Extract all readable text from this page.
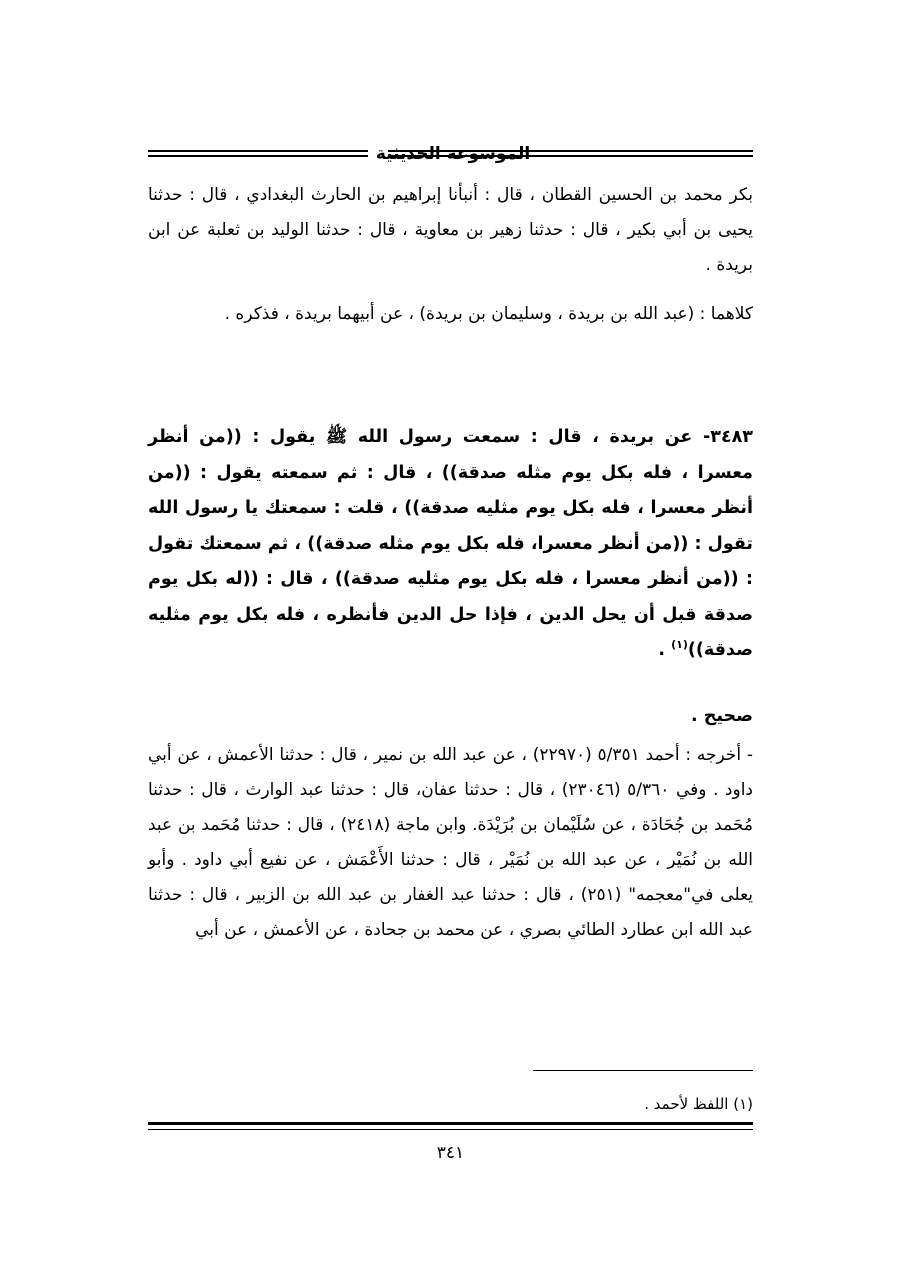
الموسوعة الحديثية

بكر محمد بن الحسين القطان ، قال : أنبأنا إبراهيم بن الحارث البغدادي ، قال : حدثنا يحيى بن أبي بكير ، قال : حدثنا زهير بن معاوية ، قال : حدثنا الوليد بن ثعلبة عن ابن بريدة .

كلاهما : (عبد الله بن بريدة ، وسليمان بن بريدة) ، عن أبيهما بريدة ، فذكره .

٣٤٨٣- عن بريدة ، قال : سمعت رسول الله ﷺ يقول : ((من أنظر معسرا ، فله بكل يوم مثله صدقة)) ، قال : ثم سمعته يقول : ((من أنظر معسرا ، فله بكل يوم مثليه صدقة)) ، قلت : سمعتك يا رسول الله تقول : ((من أنظر معسرا، فله بكل يوم مثله صدقة)) ، ثم سمعتك تقول : ((من أنظر معسرا ، فله بكل يوم مثليه صدقة)) ، قال : ((له بكل يوم صدقة قبل أن يحل الدين ، فإذا حل الدين فأنظره ، فله بكل يوم مثليه صدقة))$^{(١)}$ .

صحيح .

- أخرجه : أحمد ٥/٣٥١ (٢٢٩٧٠) ، عن عبد الله بن نمير ، قال : حدثنا الأعمش ، عن أبي داود . وفي ٥/٣٦٠ (٢٣٠٤٦) ، قال : حدثنا عفان، قال : حدثنا عبد الوارث ، قال : حدثنا مُحَمد بن جُحَادَة ، عن سُلَيْمان بن بُرَيْدَة. وابن ماجة (٢٤١٨) ، قال : حدثنا مُحَمد بن عبد الله بن نُمَيْر ، عن عبد الله بن نُمَيْر ، قال : حدثنا الأَعْمَش ، عن نفيع أبي داود . وأبو يعلى في"معجمه" (٢٥١) ، قال : حدثنا عبد الغفار بن عبد الله بن الزبير ، قال : حدثنا عبد الله ابن عطارد الطائي بصري ، عن محمد بن جحادة ، عن الأعمش ، عن أبي

(١) اللفظ لأحمد .

٣٤١
